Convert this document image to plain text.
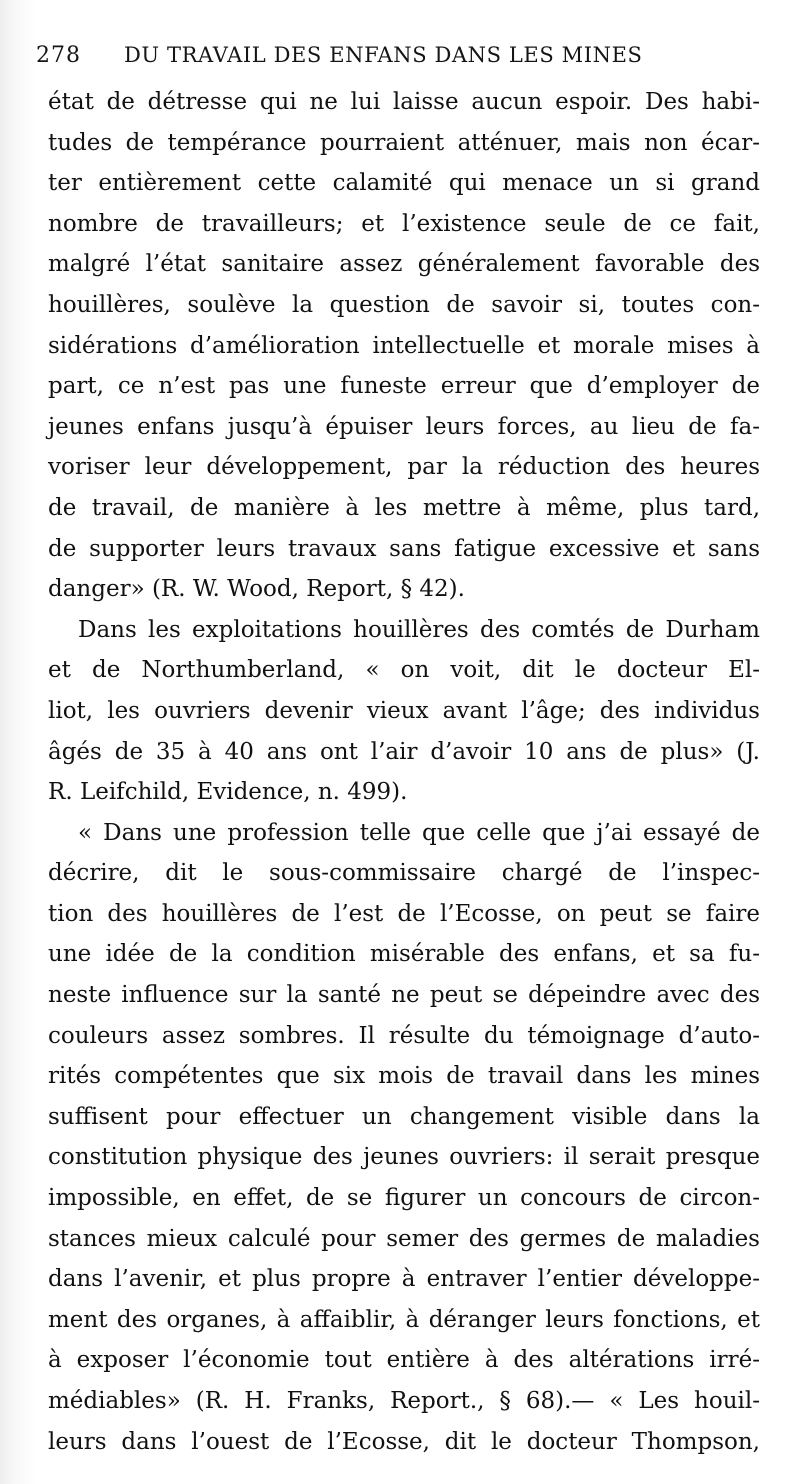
278 DU TRAVAIL DES ENFANS DANS LES MINES
état de détresse qui ne lui laisse aucun espoir. Des habi-
tudes de tempérance pourraient atténuer, mais non écar-
ter entièrement cette calamité qui menace un si grand
nombre de travailleurs; et l’existence seule de ce fait,
malgré l’état sanitaire assez généralement favorable des
houillères, soulève la question de savoir si, toutes con-
sidérations d’amélioration intellectuelle et morale mises à
part, ce n’est pas une funeste erreur que d’employer de
jeunes enfans jusqu’à épuiser leurs forces, au lieu de fa-
voriser leur développement, par la réduction des heures
de travail, de manière à les mettre à même, plus tard,
de supporter leurs travaux sans fatigue excessive et sans
danger» (R. W. Wood, Report, § 42).
Dans les exploitations houillères des comtés de Durham
et de Northumberland, « on voit, dit le docteur El-
liot, les ouvriers devenir vieux avant l’âge; des individus
âgés de 35 à 40 ans ont l’air d’avoir 10 ans de plus» (J.
R. Leifchild, Evidence, n. 499).
« Dans une profession telle que celle que j’ai essayé de
décrire, dit le sous-commissaire chargé de l’inspec-
tion des houillères de l’est de l’Ecosse, on peut se faire
une idée de la condition misérable des enfans, et sa fu-
neste influence sur la santé ne peut se dépeindre avec des
couleurs assez sombres. Il résulte du témoignage d’auto-
rités compétentes que six mois de travail dans les mines
suffisent pour effectuer un changement visible dans la
constitution physique des jeunes ouvriers: il serait presque
impossible, en effet, de se figurer un concours de circon-
stances mieux calculé pour semer des germes de maladies
dans l’avenir, et plus propre à entraver l’entier développe-
ment des organes, à affaiblir, à déranger leurs fonctions, et
à exposer l’économie tout entière à des altérations irré-
médiables» (R. H. Franks, Report., § 68).— « Les houil-
leurs dans l’ouest de l’Ecosse, dit le docteur Thompson,
